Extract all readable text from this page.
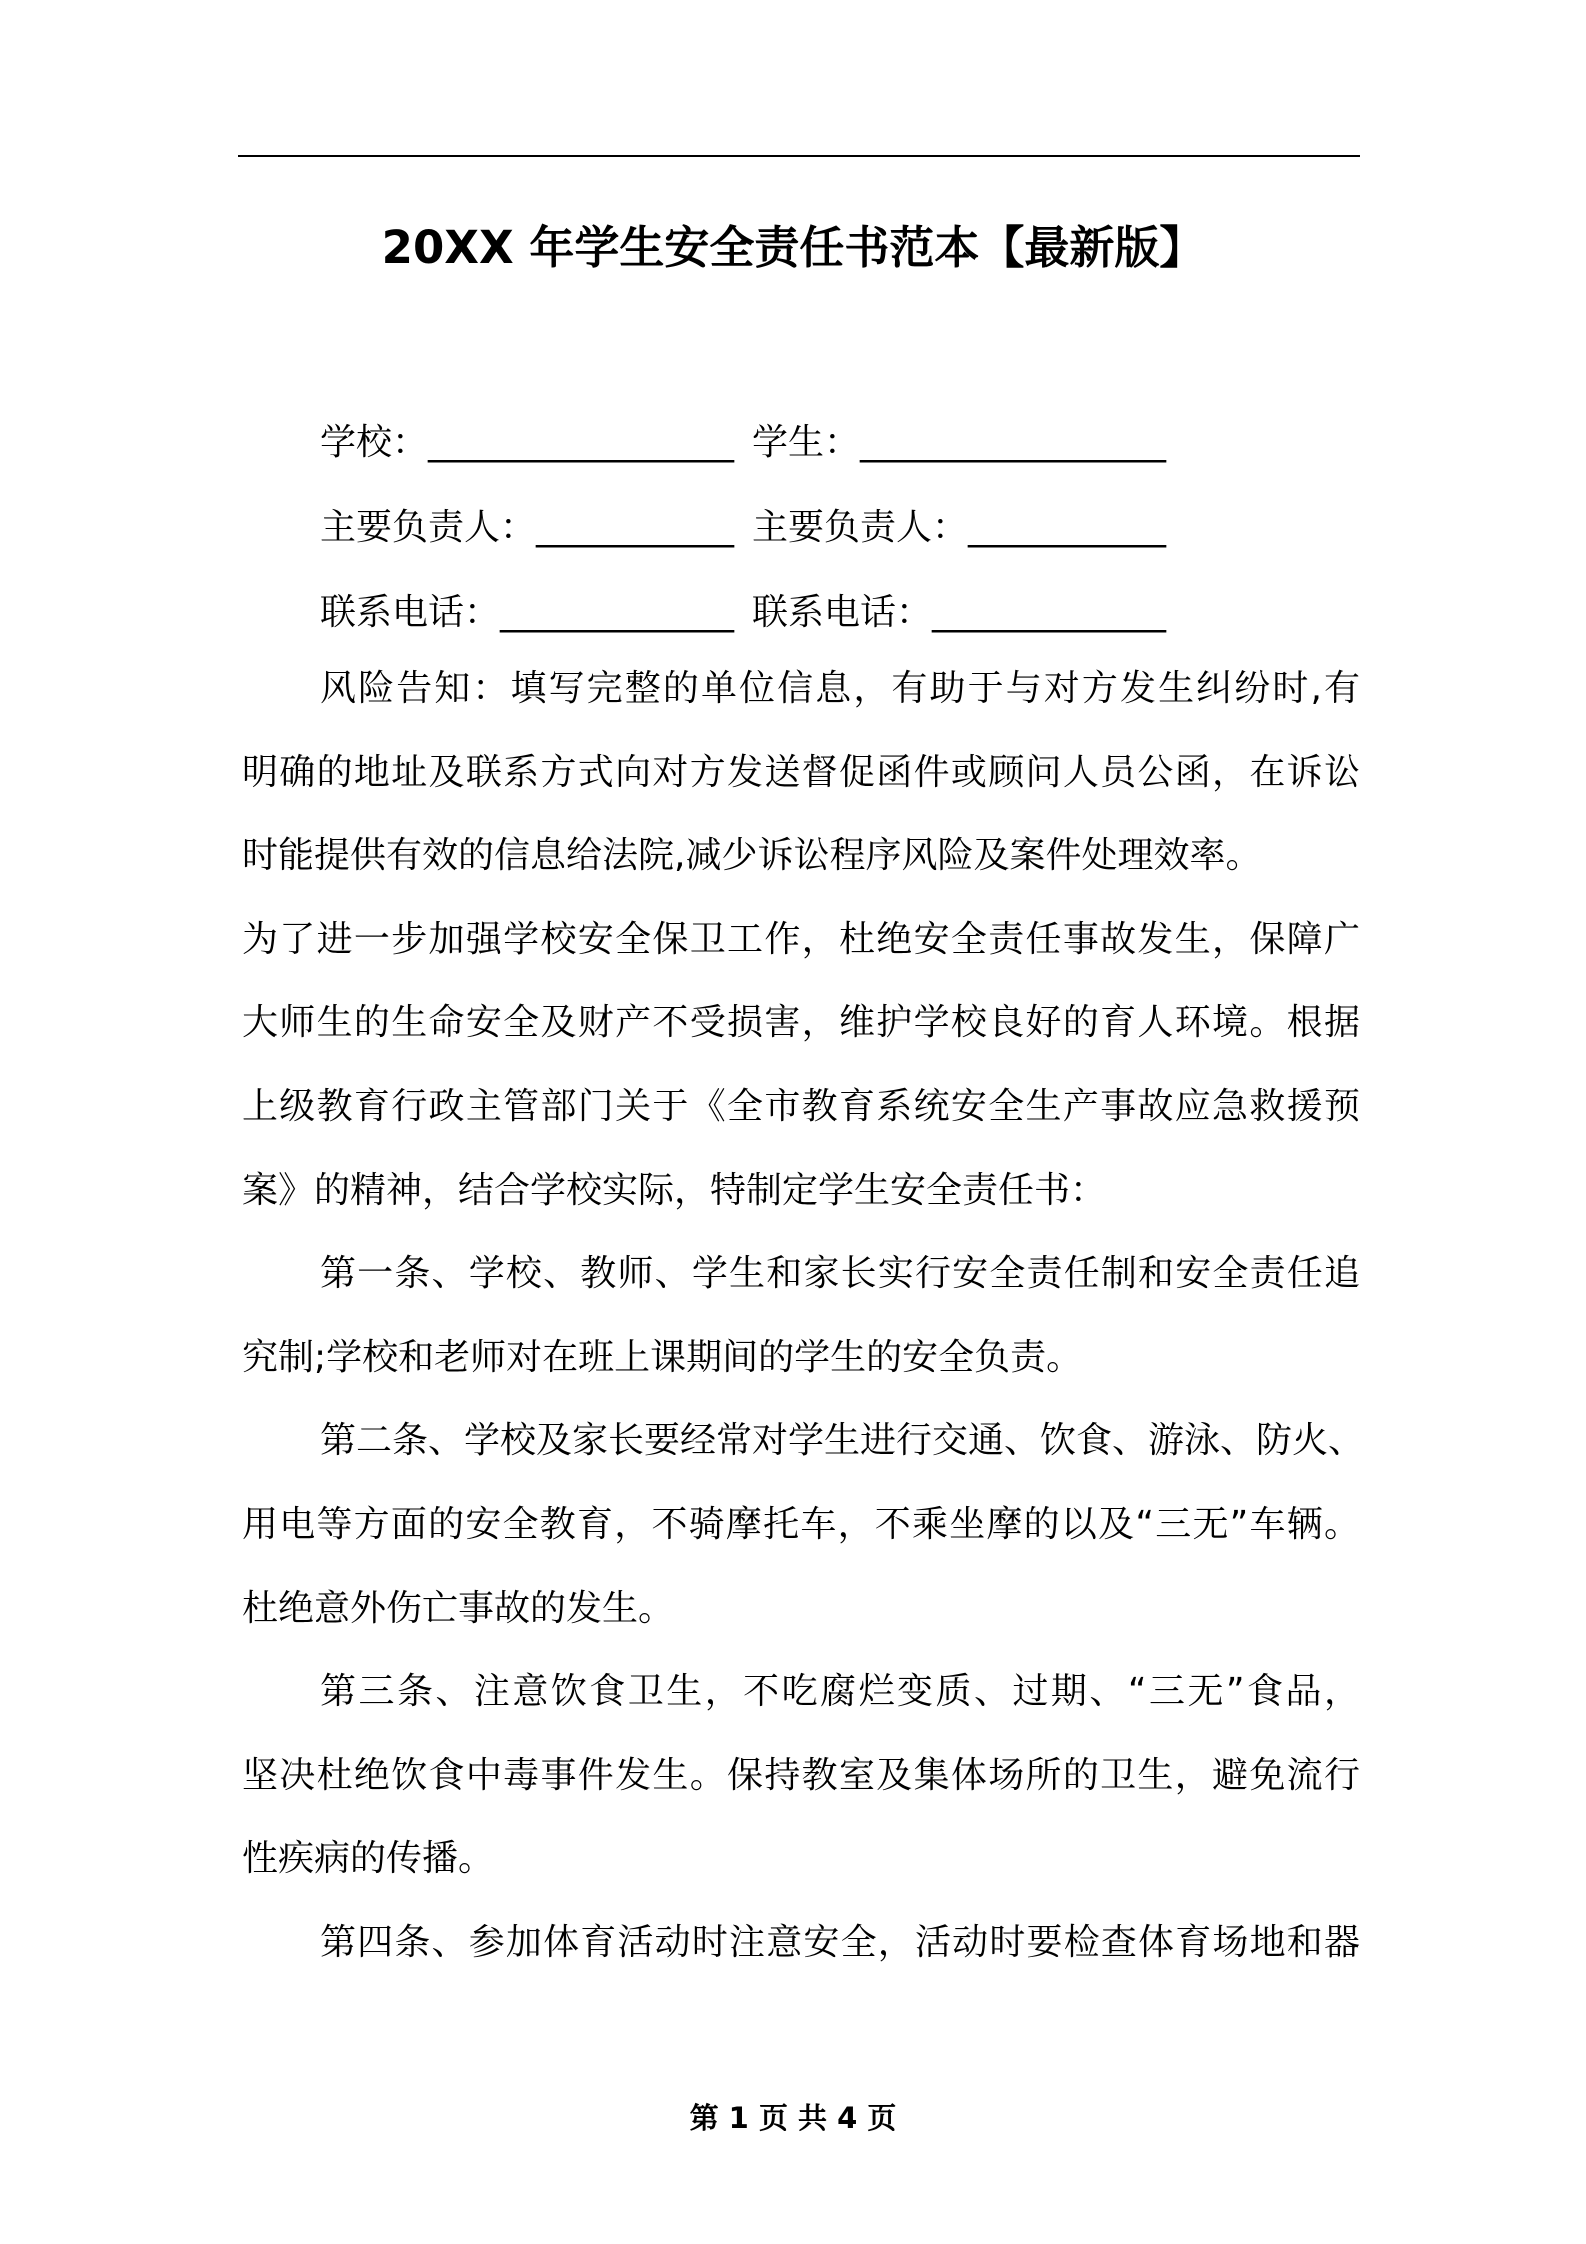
20XX 年学生安全责任书范本【最新版】
学校：_________________ 学生：_________________
主要负责人：___________ 主要负责人：___________
联系电话：_____________ 联系电话：_____________
风险告知：填写完整的单位信息，有助于与对方发生纠纷时,有
明确的地址及联系方式向对方发送督促函件或顾问人员公函，在诉讼
时能提供有效的信息给法院,减少诉讼程序风险及案件处理效率。
为了进一步加强学校安全保卫工作，杜绝安全责任事故发生，保障广
大师生的生命安全及财产不受损害，维护学校良好的育人环境。根据
上级教育行政主管部门关于《全市教育系统安全生产事故应急救援预
案》的精神，结合学校实际，特制定学生安全责任书：
第一条、学校、教师、学生和家长实行安全责任制和安全责任追
究制;学校和老师对在班上课期间的学生的安全负责。
第二条、学校及家长要经常对学生进行交通、饮食、游泳、防火、
用电等方面的安全教育，不骑摩托车，不乘坐摩的以及“三无”车辆。
杜绝意外伤亡事故的发生。
第三条、注意饮食卫生，不吃腐烂变质、过期、“三无”食品，
坚决杜绝饮食中毒事件发生。保持教室及集体场所的卫生，避免流行
性疾病的传播。
第四条、参加体育活动时注意安全，活动时要检查体育场地和器
第 1 页 共 4 页
